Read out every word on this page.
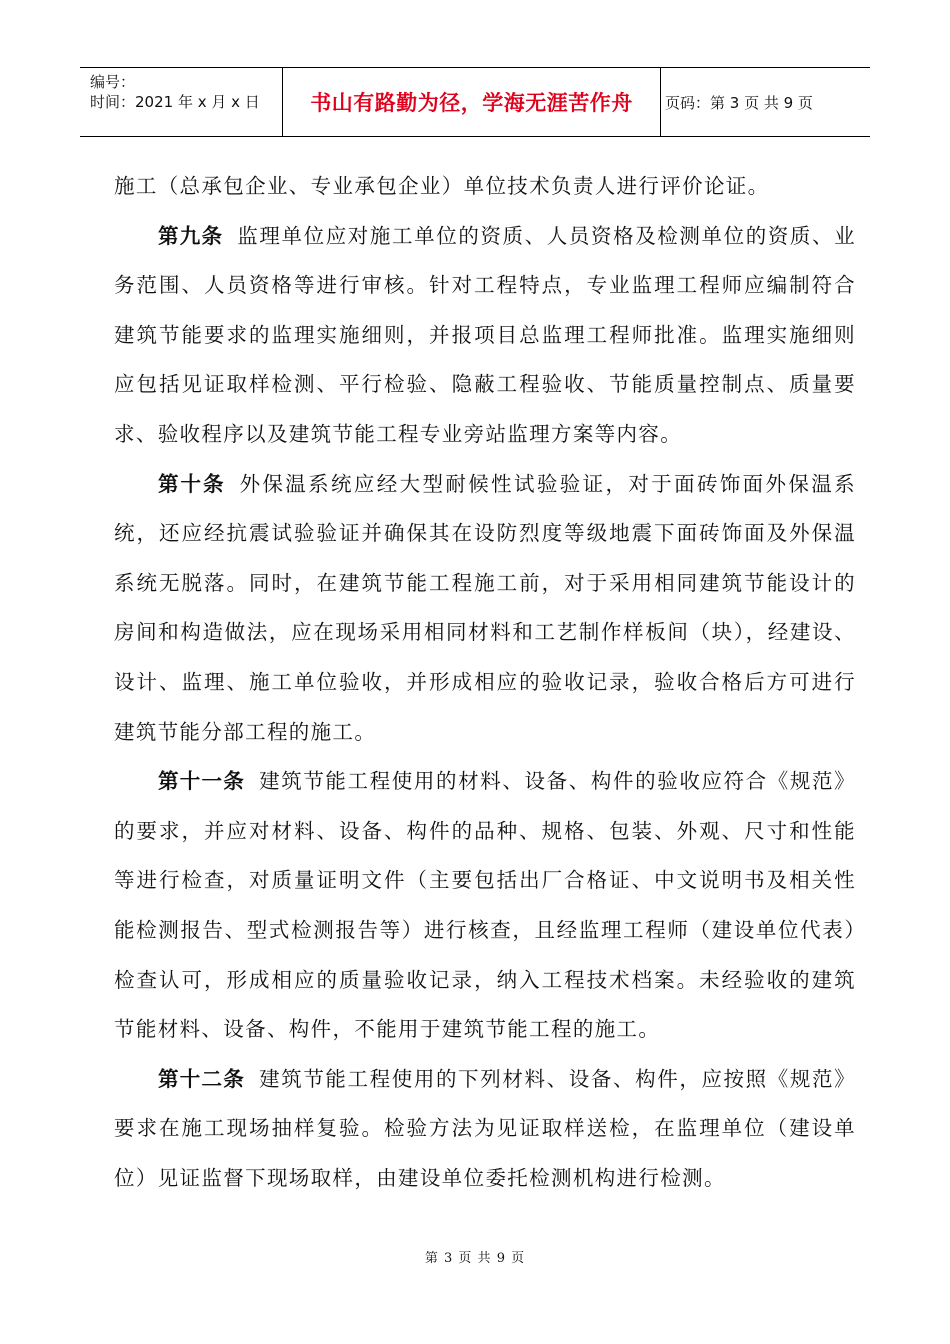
编号：
时间：2021 年 x 月 x 日 书山有路勤为径，学海无涯苦作舟 页码：第 3 页 共 9 页

施工（总承包企业、专业承包企业）单位技术负责人进行评价论证。

第九条 监理单位应对施工单位的资质、人员资格及检测单位的资质、业务范围、人员资格等进行审核。针对工程特点，专业监理工程师应编制符合建筑节能要求的监理实施细则，并报项目总监理工程师批准。监理实施细则应包括见证取样检测、平行检验、隐蔽工程验收、节能质量控制点、质量要求、验收程序以及建筑节能工程专业旁站监理方案等内容。

第十条 外保温系统应经大型耐候性试验验证，对于面砖饰面外保温系统，还应经抗震试验验证并确保其在设防烈度等级地震下面砖饰面及外保温系统无脱落。同时，在建筑节能工程施工前，对于采用相同建筑节能设计的房间和构造做法，应在现场采用相同材料和工艺制作样板间（块），经建设、设计、监理、施工单位验收，并形成相应的验收记录，验收合格后方可进行建筑节能分部工程的施工。

第十一条 建筑节能工程使用的材料、设备、构件的验收应符合《规范》的要求，并应对材料、设备、构件的品种、规格、包装、外观、尺寸和性能等进行检查，对质量证明文件（主要包括出厂合格证、中文说明书及相关性能检测报告、型式检测报告等）进行核查，且经监理工程师（建设单位代表）检查认可，形成相应的质量验收记录，纳入工程技术档案。未经验收的建筑节能材料、设备、构件，不能用于建筑节能工程的施工。

第十二条 建筑节能工程使用的下列材料、设备、构件，应按照《规范》要求在施工现场抽样复验。检验方法为见证取样送检，在监理单位（建设单位）见证监督下现场取样，由建设单位委托检测机构进行检测。

第 3 页 共 9 页
